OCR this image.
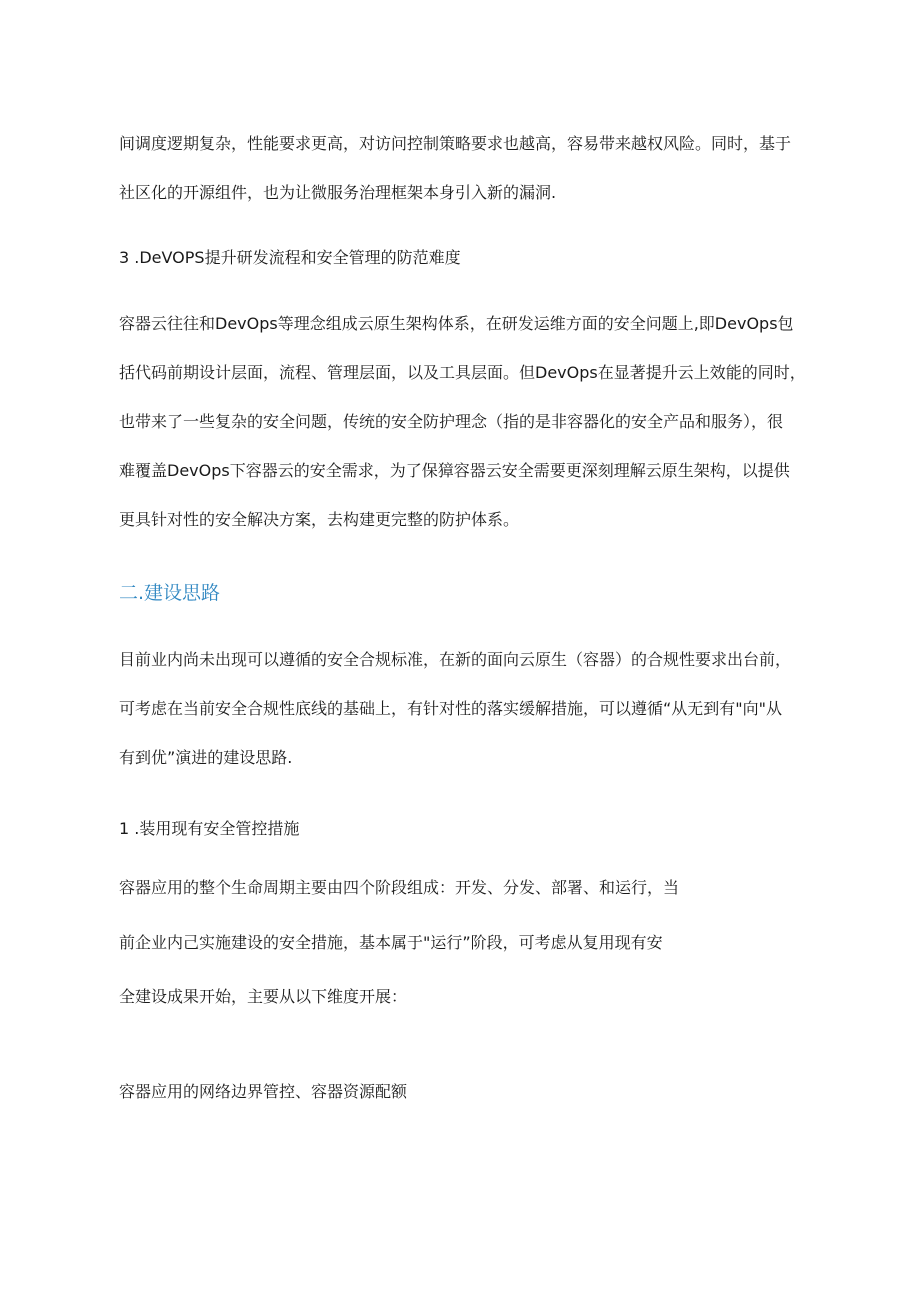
间调度逻期复杂，性能要求更高，对访问控制策略要求也越高，容易带来越权风险。同时，基于
社区化的开源组件，也为让微服务治理框架本身引入新的漏洞.
3 .DeVOPS提升研发流程和安全管理的防范难度
容器云往往和DevOps等理念组成云原生架构体系，在研发运维方面的安全问题上,即DevOps包
括代码前期设计层面，流程、管理层面，以及工具层面。但DevOps在显著提升云上效能的同时，
也带来了一些复杂的安全问题，传统的安全防护理念（指的是非容器化的安全产品和服务），很
难覆盖DevOps下容器云的安全需求，为了保獐容器云安全需要更深刻理解云原生架构，以提供
更具针对性的安全解决方案，去构建更完整的防护体系。
二.建设思路
目前业内尚未出现可以遵循的安全合规标准，在新的面向云原生（容器）的合规性要求出台前，
可考虑在当前安全合规性底线的基础上，有针对性的落实缓解措施，可以遵循“从无到有"向"从
有到优”演进的建设思路.
1 .装用现有安全管控措施
容器应用的整个生命周期主要由四个阶段组成：开发、分发、部署、和运行，当
前企业内己实施建设的安全措施，基本属于"运行”阶段，可考虑从复用现有安
全建设成果开始，主要从以下维度开展：
容器应用的网络边界管控、容器资源配额
